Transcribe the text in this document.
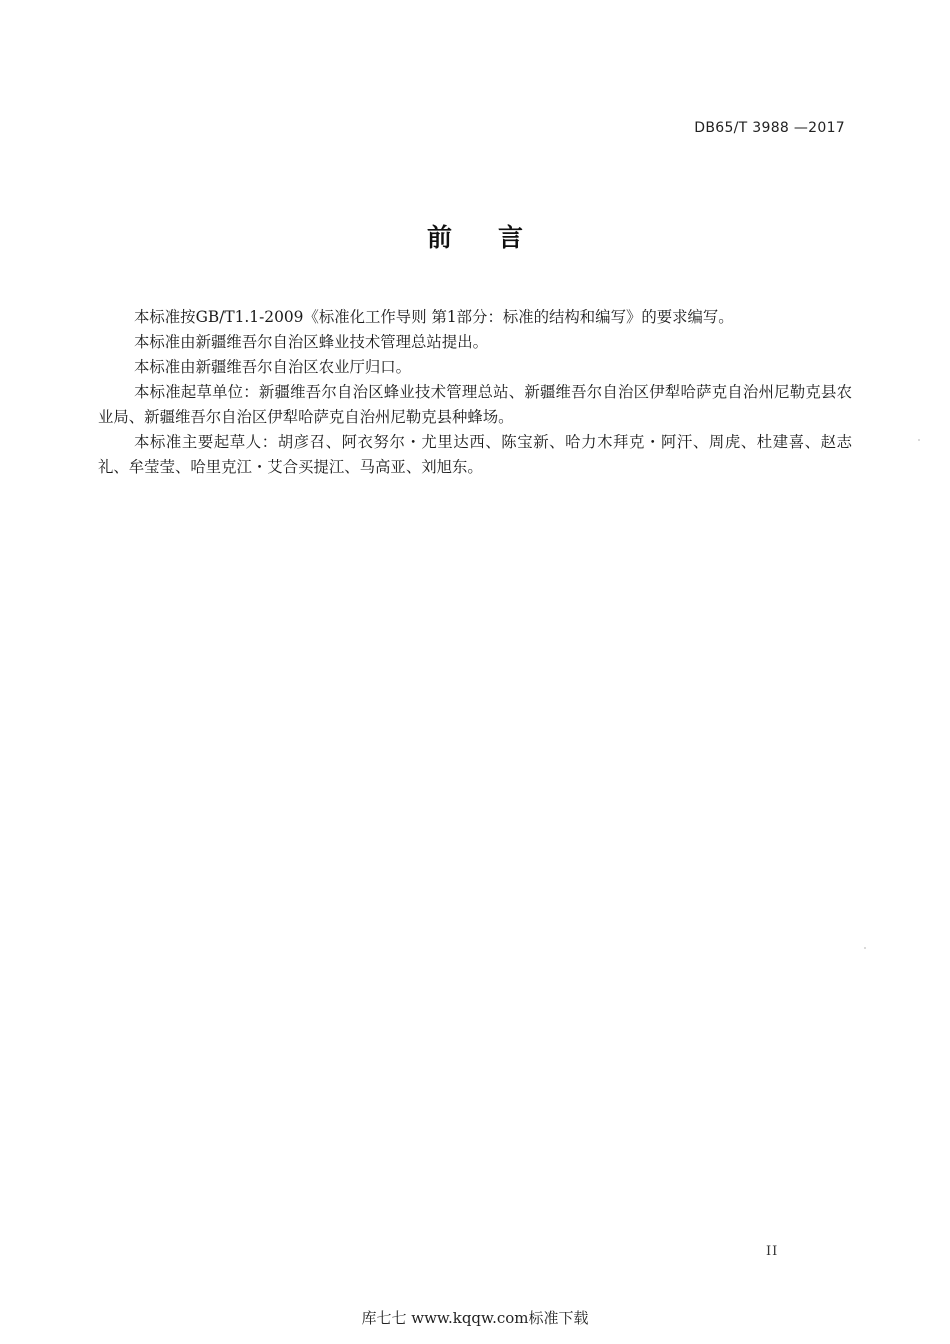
DB65/T 3988 —2017
前言

本标准按GB/T1.1-2009《标准化工作导则 第1部分：标准的结构和编写》的要求编写。

本标准由新疆维吾尔自治区蜂业技术管理总站提出。

本标准由新疆维吾尔自治区农业厅归口。

本标准起草单位：新疆维吾尔自治区蜂业技术管理总站、新疆维吾尔自治区伊犁哈萨克自治州尼勒克县农业局、新疆维吾尔自治区伊犁哈萨克自治州尼勒克县种蜂场。

本标准主要起草人：胡彦召、阿衣努尔・尤里达西、陈宝新、哈力木拜克・阿汗、周虎、杜建喜、赵志礼、牟莹莹、哈里克江・艾合买提江、马高亚、刘旭东。

II
库七七 www.kqqw.com标准下载
